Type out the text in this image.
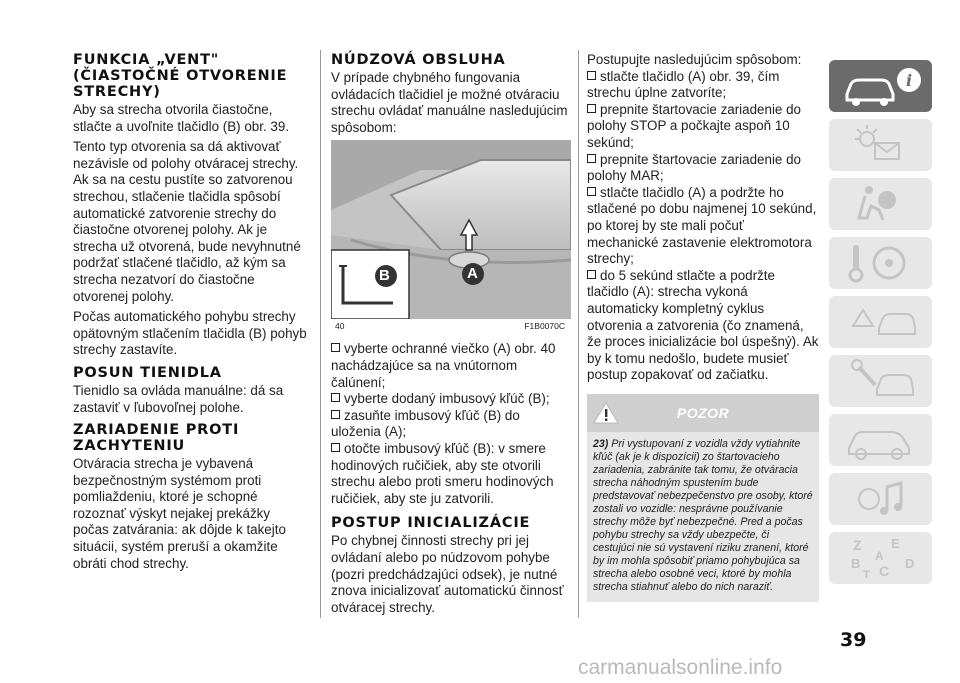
FUNKCIA „VENT" (ČIASTOČNÉ OTVORENIE STRECHY)

Aby sa strecha otvorila čiastočne, stlačte a uvoľnite tlačidlo (B) obr. 39.

Tento typ otvorenia sa dá aktivovať nezávisle od polohy otváracej strechy. Ak sa na cestu pustíte so zatvorenou strechou, stlačenie tlačidla spôsobí automatické zatvorenie strechy do čiastočne otvorenej polohy. Ak je strecha už otvorená, bude nevyhnutné podržať stlačené tlačidlo, až kým sa strecha nezatvorí do čiastočne otvorenej polohy.

Počas automatického pohybu strechy opätovným stlačením tlačidla (B) pohyb strechy zastavíte.

POSUN TIENIDLA

Tienidlo sa ovláda manuálne: dá sa zastaviť v ľubovoľnej polohe.

ZARIADENIE PROTI ZACHYTENIU

Otváracia strecha je vybavená bezpečnostným systémom proti pomliaždeniu, ktoré je schopné rozoznať výskyt nejakej prekážky počas zatvárania: ak dôjde k takejto situácii, systém preruší a okamžite obráti chod strechy.

NÚDZOVÁ OBSLUHA

V prípade chybného fungovania ovládacích tlačidiel je možné otváraciu strechu ovládať manuálne nasledujúcim spôsobom:

B	A
40	F1B0070C

vyberte ochranné viečko (A) obr. 40 nachádzajúce sa na vnútornom čalúnení;

vyberte dodaný imbusový kľúč (B);

zasuňte imbusový kľúč (B) do uloženia (A);

otočte imbusový kľúč (B): v smere hodinových ručičiek, aby ste otvorili strechu alebo proti smeru hodinových ručičiek, aby ste ju zatvorili.

POSTUP INICIALIZÁCIE

Po chybnej činnosti strechy pri jej ovládaní alebo po núdzovom pohybe (pozri predchádzajúci odsek), je nutné znova inicializovať automatickú činnosť otváracej strechy.

Postupujte nasledujúcim spôsobom:

stlačte tlačidlo (A) obr. 39, čím strechu úplne zatvoríte;

prepnite štartovacie zariadenie do polohy STOP a počkajte aspoň 10 sekúnd;

prepnite štartovacie zariadenie do polohy MAR;

stlačte tlačidlo (A) a podržte ho stlačené po dobu najmenej 10 sekúnd, po ktorej by ste mali počuť mechanické zastavenie elektromotora strechy;

do 5 sekúnd stlačte a podržte tlačidlo (A): strecha vykoná automaticky kompletný cyklus otvorenia a zatvorenia (čo znamená, že proces inicializácie bol úspešný). Ak by k tomu nedošlo, budete musieť postup zopakovať od začiatku.

POZOR
23) Pri vystupovaní z vozidla vždy vytiahnite kľúč (ak je k dispozícii) zo štartovacieho zariadenia, zabránite tak tomu, že otváracia strecha náhodným spustením bude predstavovať nebezpečenstvo pre osoby, ktoré zostali vo vozidle: nesprávne používanie strechy môže byť nebezpečné. Pred a počas pohybu strechy sa vždy ubezpečte, či cestujúci nie sú vystavení riziku zranení, ktoré by im mohla spôsobiť priamo pohybujúca sa strecha alebo osobné veci, ktoré by mohla strecha stiahnuť alebo do nich naraziť.
i
Z E
B C D
A
T
39
carmanualsonline.info
